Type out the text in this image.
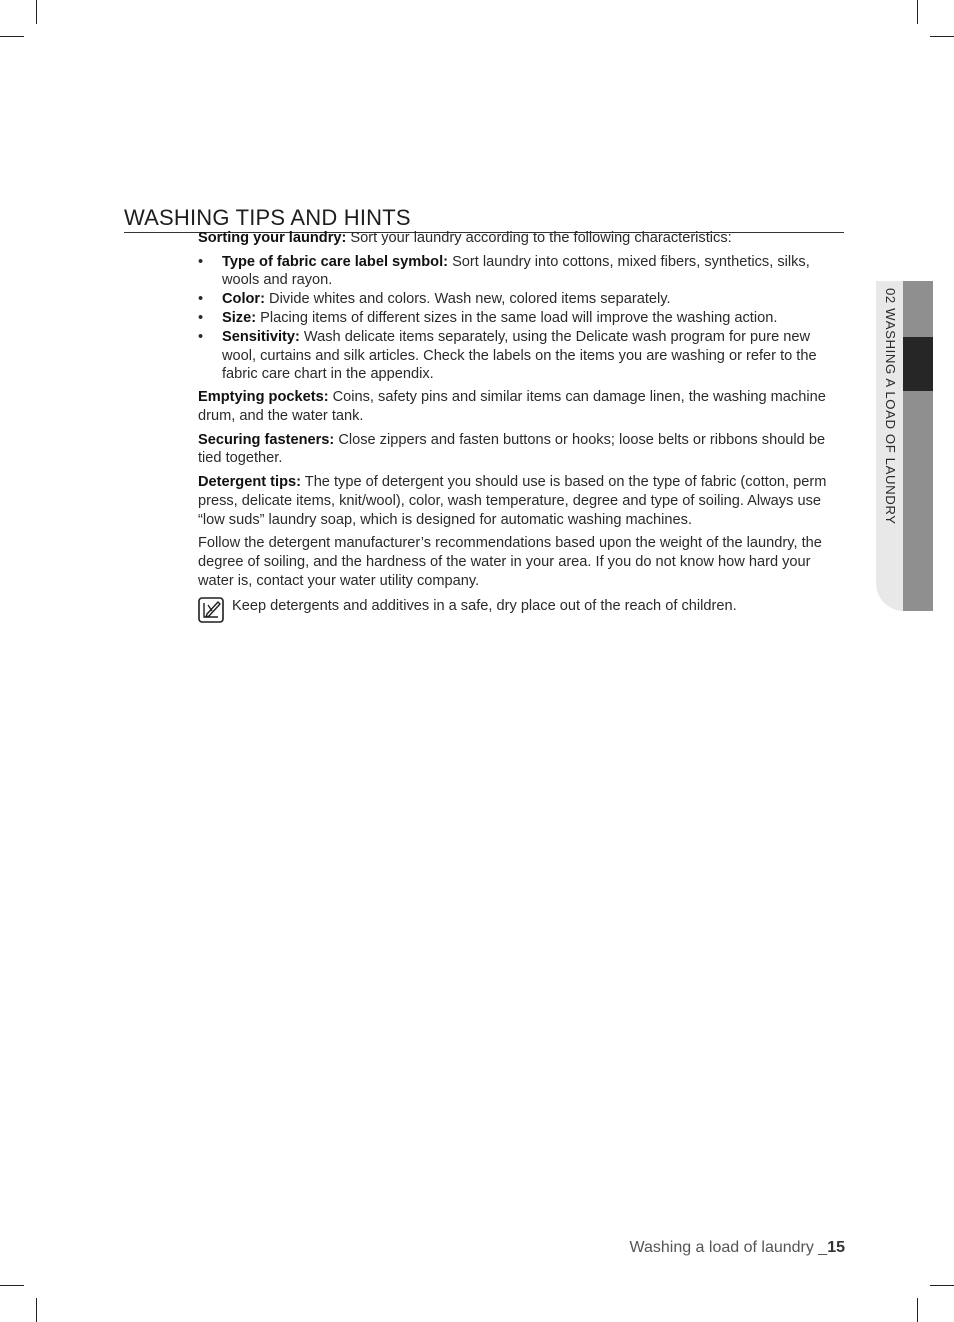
WASHING TIPS AND HINTS

Sorting your laundry: Sort your laundry according to the following characteristics:

• Type of fabric care label symbol: Sort laundry into cottons, mixed fibers, synthetics, silks, wools and rayon.
• Color: Divide whites and colors. Wash new, colored items separately.
• Size: Placing items of different sizes in the same load will improve the washing action.
• Sensitivity: Wash delicate items separately, using the Delicate wash program for pure new wool, curtains and silk articles. Check the labels on the items you are washing or refer to the fabric care chart in the appendix.

Emptying pockets: Coins, safety pins and similar items can damage linen, the washing machine drum, and the water tank.

Securing fasteners: Close zippers and fasten buttons or hooks; loose belts or ribbons should be tied together.

Detergent tips: The type of detergent you should use is based on the type of fabric (cotton, perm press, delicate items, knit/wool), color, wash temperature, degree and type of soiling. Always use “low suds” laundry soap, which is designed for automatic washing machines.

Follow the detergent manufacturer’s recommendations based upon the weight of the laundry, the degree of soiling, and the hardness of the water in your area. If you do not know how hard your water is, contact your water utility company.

Keep detergents and additives in a safe, dry place out of the reach of children.
02 WASHING A LOAD OF LAUNDRY
Washing a load of laundry _15
